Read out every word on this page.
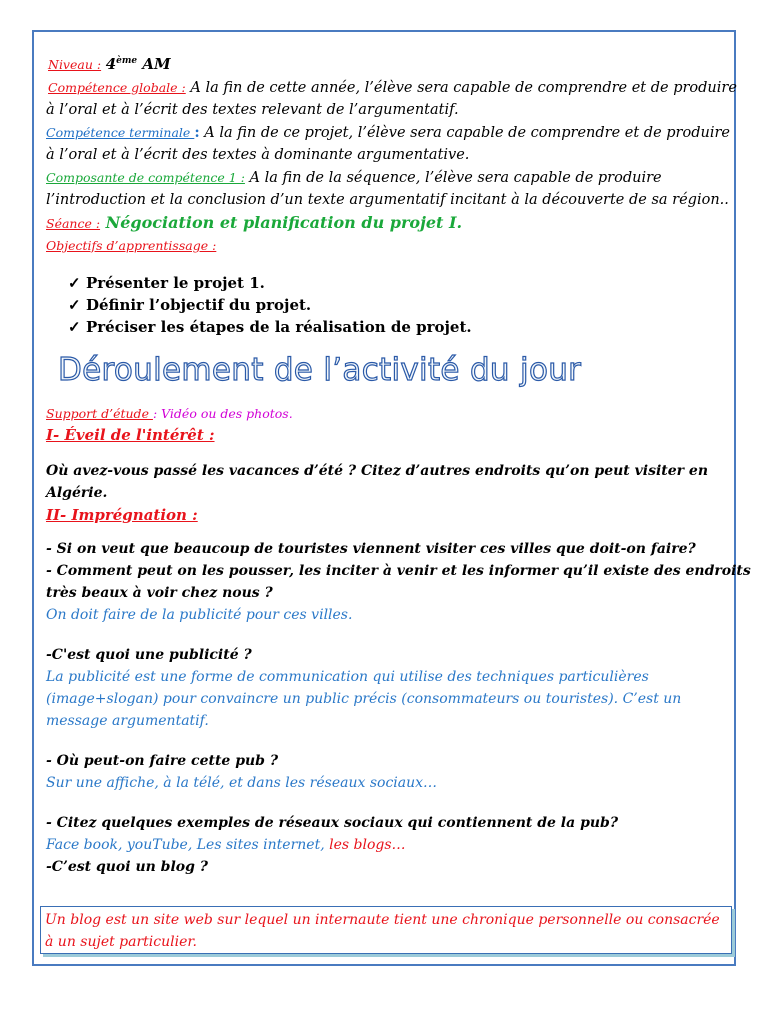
Niveau : 4ème AM
Compétence globale : A la fin de cette année, l’élève sera capable de comprendre et de produire
à l’oral et à l’écrit des textes relevant de l’argumentatif.
Compétence terminale : A la fin de ce projet, l’élève sera capable de comprendre et de produire
à l’oral et à l’écrit des textes à dominante argumentative.
Composante de compétence 1 : A la fin de la séquence, l’élève sera capable de produire
l’introduction et la conclusion d’un texte argumentatif incitant à la découverte de sa région..
Séance : Négociation et planification du projet I.
Objectifs d’apprentissage :
✓ Présenter le projet 1.
✓ Définir l’objectif du projet.
✓ Préciser les étapes de la réalisation de projet.
Déroulement de l’activité du jour
Support d’étude : Vidéo ou des photos.
I- Éveil de l'intérêt :
Où avez-vous passé les vacances d’été ? Citez d’autres endroits qu’on peut visiter en
Algérie.
II- Imprégnation :
- Si on veut que beaucoup de touristes viennent visiter ces villes que doit-on faire?
- Comment peut on les pousser, les inciter à venir et les informer qu’il existe des endroits
très beaux à voir chez nous ?
On doit faire de la publicité pour ces villes.
-C'est quoi une publicité ?
La publicité est une forme de communication qui utilise des techniques particulières
(image+slogan) pour convaincre un public précis (consommateurs ou touristes). C’est un
message argumentatif.
- Où peut-on faire cette pub ?
Sur une affiche, à la télé, et dans les réseaux sociaux…
- Citez quelques exemples de réseaux sociaux qui contiennent de la pub?
Face book, youTube, Les sites internet, les blogs…
-C’est quoi un blog ?
Un blog est un site web sur lequel un internaute tient une chronique personnelle ou consacrée
à un sujet particulier.
